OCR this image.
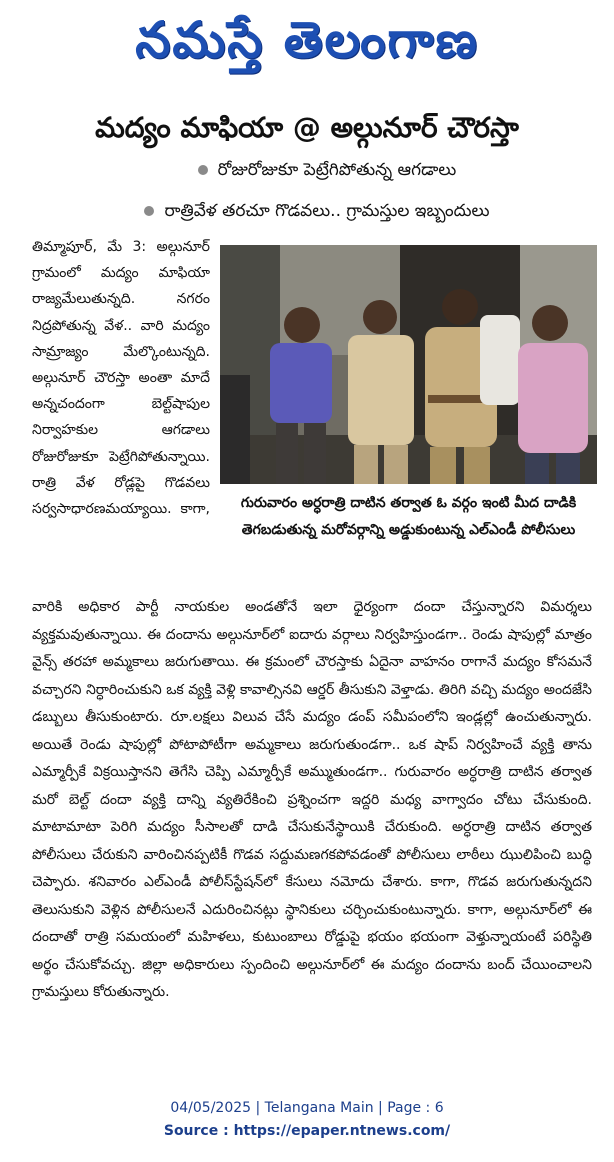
నమస్తే తెలంగాణ
మద్యం మాఫియా @ అల్గునూర్ చౌరస్తా
రోజురోజుకూ పెట్రేగిపోతున్న ఆగడాలు
రాత్రివేళ తరచూ గొడవలు.. గ్రామస్తుల ఇబ్బందులు

తిమ్మాపూర్, మే 3: అల్గునూర్ గ్రామంలో మద్యం మాఫియా రాజ్యమేలుతున్నది. నగరం నిద్రపోతున్న వేళ.. వారి మద్యం సామ్రాజ్యం మేల్కొంటున్నది. అల్గునూర్ చౌరస్తా అంతా మాదే అన్నచందంగా బెల్ట్‌షాపుల నిర్వాహకుల ఆగడాలు రోజురోజుకూ పెట్రేగిపోతున్నాయి. రాత్రి వేళ రోడ్లపై గొడవలు సర్వసాధారణమయ్యాయి. కాగా,	గురువారం అర్ధరాత్రి దాటిన తర్వాత ఓ వర్గం ఇంటి మీద దాడికి తెగబడుతున్న మరోవర్గాన్ని అడ్డుకుంటున్న ఎల్‌ఎండీ పోలీసులు
వారికి అధికార పార్టీ నాయకుల అండతోనే ఇలా ధైర్యంగా దందా చేస్తున్నారని విమర్శలు వ్యక్తమవుతున్నాయి. ఈ దందాను అల్గునూర్‌లో ఐదారు వర్గాలు నిర్వహిస్తుండగా.. రెండు షాపుల్లో మాత్రం వైన్స్ తరహా అమ్మకాలు జరుగుతాయి. ఈ క్రమంలో చౌరస్తాకు ఏదైనా వాహనం రాగానే మద్యం కోసమనే వచ్చారని నిర్ధారించుకుని ఒక వ్యక్తి వెళ్లి కావాల్సినవి ఆర్డర్ తీసుకుని వెళ్తాడు. తిరిగి వచ్చి మద్యం అందజేసి డబ్బులు తీసుకుంటారు. రూ.లక్షలు విలువ చేసే మద్యం డంప్ సమీపంలోని ఇండ్లల్లో ఉంచుతున్నారు. అయితే రెండు షాపుల్లో పోటాపోటీగా అమ్మకాలు జరుగుతుండగా.. ఒక షాప్ నిర్వహించే వ్యక్తి తాను ఎమ్మార్పీకే విక్రయిస్తానని తెగేసి చెప్పి ఎమ్మార్పీకే అమ్ముతుండగా.. గురువారం అర్ధరాత్రి దాటిన తర్వాత మరో బెల్ట్ దందా వ్యక్తి దాన్ని వ్యతిరేకించి ప్రశ్నించగా ఇద్దరి మధ్య వాగ్వాదం చోటు చేసుకుంది. మాటామాటా పెరిగి మద్యం సీసాలతో దాడి చేసుకునేస్థాయికి చేరుకుంది. అర్ధరాత్రి దాటిన తర్వాత పోలీసులు చేరుకుని వారించినప్పటికీ గొడవ సద్దుమణగకపోవడంతో పోలీసులు లాఠీలు ఝులిపించి బుద్ధి చెప్పారు. శనివారం ఎల్‌ఎండీ పోలీస్‌స్టేషన్‌లో కేసులు నమోదు చేశారు. కాగా, గొడవ జరుగుతున్నదని తెలుసుకుని వెళ్లిన పోలీసులనే ఎదురించినట్లు స్థానికులు చర్చించుకుంటున్నారు. కాగా, అల్గునూర్‌లో ఈ దందాతో రాత్రి సమయంలో మహిళలు, కుటుంబాలు రోడ్డుపై భయం భయంగా వెళ్తున్నాయంటే పరిస్థితి అర్థం చేసుకోవచ్చు. జిల్లా అధికారులు స్పందించి అల్గునూర్‌లో ఈ మద్యం దందాను బంద్ చేయించాలని గ్రామస్తులు కోరుతున్నారు.
04/05/2025 | Telangana Main | Page : 6
Source : https://epaper.ntnews.com/
